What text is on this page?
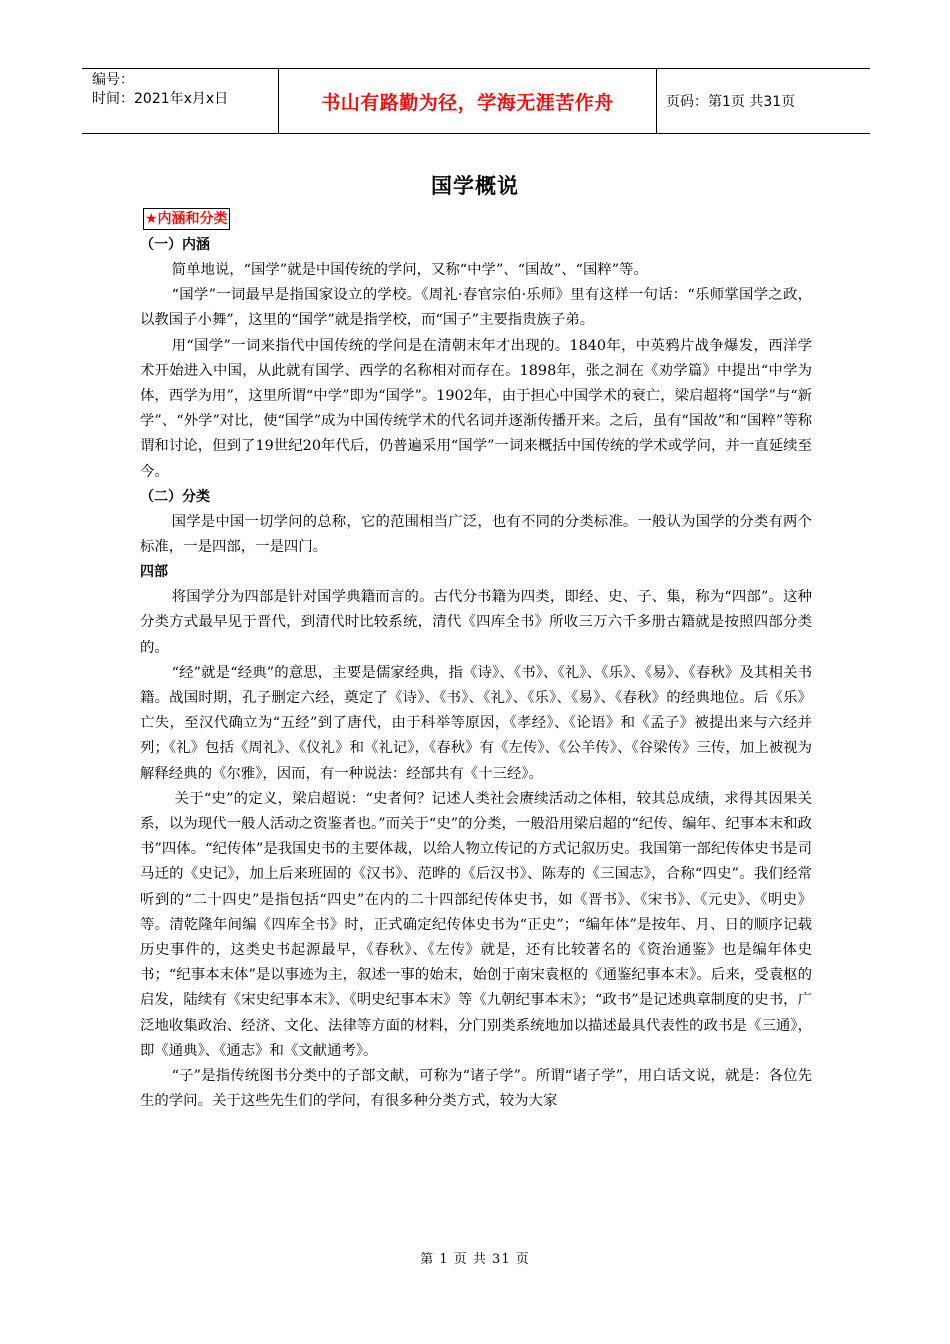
编号：
时间：2021年x月x日	书山有路勤为径，学海无涯苦作舟	页码：第1页 共31页
国学概说
★内涵和分类
（一）内涵

简单地说，“国学”就是中国传统的学问，又称“中学”、“国故”、“国粹”等。

“国学”一词最早是指国家设立的学校。《周礼·春官宗伯·乐师》里有这样一句话：“乐师掌国学之政，以教国子小舞”，这里的“国学”就是指学校，而“国子”主要指贵族子弟。

用“国学”一词来指代中国传统的学问是在清朝末年才出现的。1840年，中英鸦片战争爆发，西洋学术开始进入中国，从此就有国学、西学的名称相对而存在。1898年，张之洞在《劝学篇》中提出“中学为体，西学为用”，这里所谓“中学”即为“国学”。1902年，由于担心中国学术的衰亡，梁启超将“国学”与“新学”、“外学”对比，使“国学”成为中国传统学术的代名词并逐渐传播开来。之后，虽有“国故”和“国粹”等称谓和讨论，但到了19世纪20年代后，仍普遍采用“国学”一词来概括中国传统的学术或学问，并一直延续至今。

（二）分类

国学是中国一切学问的总称，它的范围相当广泛，也有不同的分类标准。一般认为国学的分类有两个标准，一是四部，一是四门。

四部

将国学分为四部是针对国学典籍而言的。古代分书籍为四类，即经、史、子、集，称为“四部”。这种分类方式最早见于晋代，到清代时比较系统，清代《四库全书》所收三万六千多册古籍就是按照四部分类的。

“经”就是“经典”的意思，主要是儒家经典，指《诗》、《书》、《礼》、《乐》、《易》、《春秋》及其相关书籍。战国时期，孔子删定六经，奠定了《诗》、《书》、《礼》、《乐》、《易》、《春秋》的经典地位。后《乐》亡失，至汉代确立为“五经”到了唐代，由于科举等原因，《孝经》、《论语》和《孟子》被提出来与六经并列；《礼》包括《周礼》、《仪礼》和《礼记》，《春秋》有《左传》、《公羊传》、《谷梁传》三传，加上被视为解释经典的《尔雅》，因而，有一种说法：经部共有《十三经》。

关于“史”的定义，梁启超说：“史者何？记述人类社会赓续活动之体相，较其总成绩，求得其因果关系，以为现代一般人活动之资鉴者也。”而关于“史”的分类，一般沿用梁启超的“纪传、编年、纪事本末和政书”四体。“纪传体”是我国史书的主要体裁，以给人物立传记的方式记叙历史。我国第一部纪传体史书是司马迁的《史记》，加上后来班固的《汉书》、范晔的《后汉书》、陈寿的《三国志》，合称“四史”。我们经常听到的“二十四史”是指包括“四史”在内的二十四部纪传体史书，如《晋书》、《宋书》、《元史》、《明史》等。清乾隆年间编《四库全书》时，正式确定纪传体史书为“正史”；“编年体”是按年、月、日的顺序记载历史事件的，这类史书起源最早，《春秋》、《左传》就是，还有比较著名的《资治通鉴》也是编年体史书；“纪事本末体”是以事迹为主，叙述一事的始末，始创于南宋袁枢的《通鉴纪事本末》。后来，受袁枢的启发，陆续有《宋史纪事本末》、《明史纪事本末》等《九朝纪事本末》；“政书”是记述典章制度的史书，广泛地收集政治、经济、文化、法律等方面的材料，分门别类系统地加以描述最具代表性的政书是《三通》，即《通典》、《通志》和《文献通考》。

“子”是指传统图书分类中的子部文献，可称为“诸子学”。所谓“诸子学”，用白话文说，就是：各位先生的学问。关于这些先生们的学问，有很多种分类方式，较为大家

第 1 页 共 31 页
